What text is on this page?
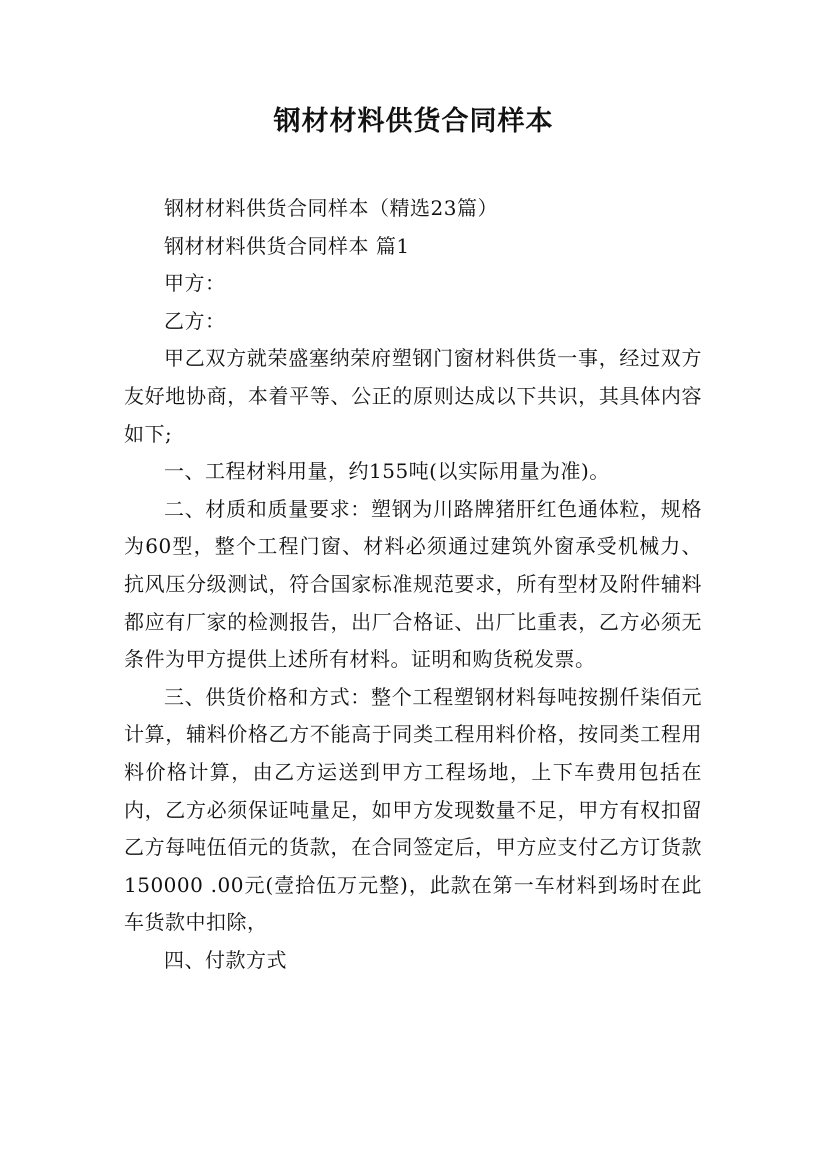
钢材材料供货合同样本

钢材材料供货合同样本（精选23篇）

钢材材料供货合同样本 篇1

甲方：

乙方：

甲乙双方就荣盛塞纳荣府塑钢门窗材料供货一事，经过双方友好地协商，本着平等、公正的原则达成以下共识，其具体内容如下;

一、工程材料用量，约155吨(以实际用量为准)。

二、材质和质量要求：塑钢为川路牌猪肝红色通体粒，规格为60型，整个工程门窗、材料必须通过建筑外窗承受机械力、抗风压分级测试，符合国家标准规范要求，所有型材及附件辅料都应有厂家的检测报告，出厂合格证、出厂比重表，乙方必须无条件为甲方提供上述所有材料。证明和购货税发票。

三、供货价格和方式：整个工程塑钢材料每吨按捌仟柒佰元计算，辅料价格乙方不能高于同类工程用料价格，按同类工程用料价格计算，由乙方运送到甲方工程场地，上下车费用包括在内，乙方必须保证吨量足，如甲方发现数量不足，甲方有权扣留乙方每吨伍佰元的货款，在合同签定后，甲方应支付乙方订货款150000 .00元(壹拾伍万元整)，此款在第一车材料到场时在此车货款中扣除，

四、付款方式
